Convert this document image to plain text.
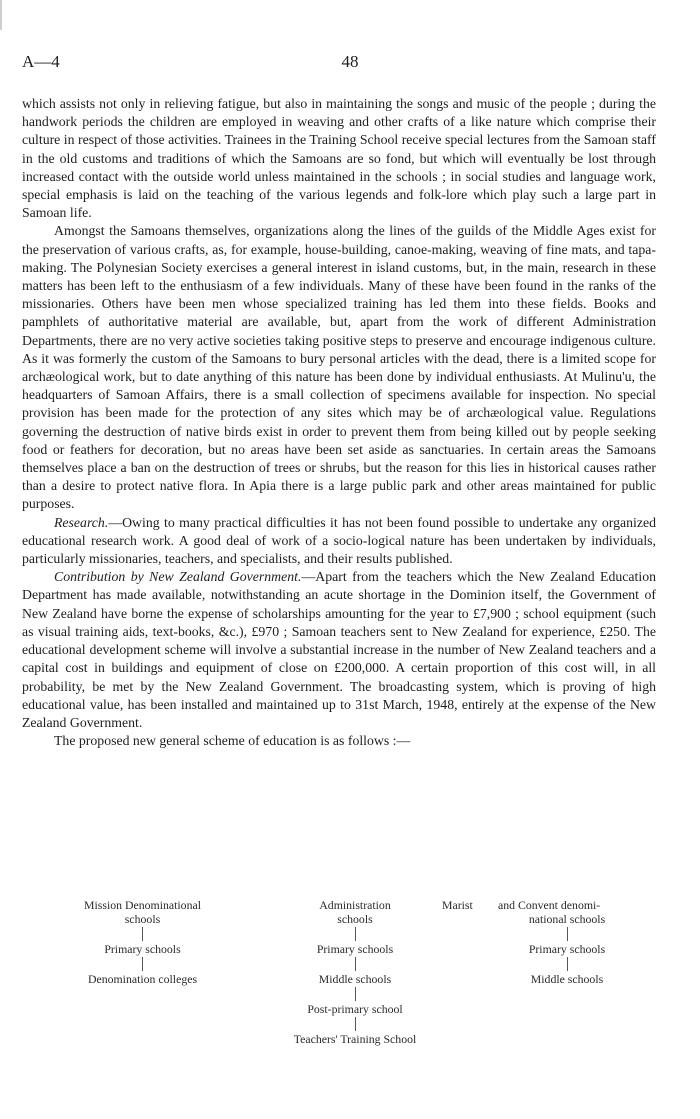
A—4	48

which assists not only in relieving fatigue, but also in maintaining the songs and music of the people ; during the handwork periods the children are employed in weaving and other crafts of a like nature which comprise their culture in respect of those activities. Trainees in the Training School receive special lectures from the Samoan staff in the old customs and traditions of which the Samoans are so fond, but which will eventually be lost through increased contact with the outside world unless maintained in the schools ; in social studies and language work, special emphasis is laid on the teaching of the various legends and folk-lore which play such a large part in Samoan life.

Amongst the Samoans themselves, organizations along the lines of the guilds of the Middle Ages exist for the preservation of various crafts, as, for example, house-building, canoe-making, weaving of fine mats, and tapa-making. The Polynesian Society exercises a general interest in island customs, but, in the main, research in these matters has been left to the enthusiasm of a few individuals. Many of these have been found in the ranks of the missionaries. Others have been men whose specialized training has led them into these fields. Books and pamphlets of authoritative material are available, but, apart from the work of different Administration Departments, there are no very active societies taking positive steps to preserve and encourage indigenous culture. As it was formerly the custom of the Samoans to bury personal articles with the dead, there is a limited scope for archæological work, but to date anything of this nature has been done by individual enthusiasts. At Mulinu'u, the headquarters of Samoan Affairs, there is a small collection of specimens available for inspection. No special provision has been made for the protection of any sites which may be of archæological value. Regulations governing the destruction of native birds exist in order to prevent them from being killed out by people seeking food or feathers for decoration, but no areas have been set aside as sanctuaries. In certain areas the Samoans themselves place a ban on the destruction of trees or shrubs, but the reason for this lies in historical causes rather than a desire to protect native flora. In Apia there is a large public park and other areas maintained for public purposes.

Research.—Owing to many practical difficulties it has not been found possible to undertake any organized educational research work. A good deal of work of a socio-logical nature has been undertaken by individuals, particularly missionaries, teachers, and specialists, and their results published.

Contribution by New Zealand Government.—Apart from the teachers which the New Zealand Education Department has made available, notwithstanding an acute shortage in the Dominion itself, the Government of New Zealand have borne the expense of scholarships amounting for the year to £7,900 ; school equipment (such as visual training aids, text-books, &c.), £970 ; Samoan teachers sent to New Zealand for experience, £250. The educational development scheme will involve a substantial increase in the number of New Zealand teachers and a capital cost in buildings and equipment of close on £200,000. A certain proportion of this cost will, in all probability, be met by the New Zealand Government. The broadcasting system, which is proving of high educational value, has been installed and maintained up to 31st March, 1948, entirely at the expense of the New Zealand Government.

The proposed new general scheme of education is as follows :—

Mission Denominational
schools
Primary schools
Denomination colleges
Administration
schools
Primary schools
Middle schools
Post-primary school
Teachers' Training School
Marist and Convent denomi-
national schools
Primary schools
Middle schools
